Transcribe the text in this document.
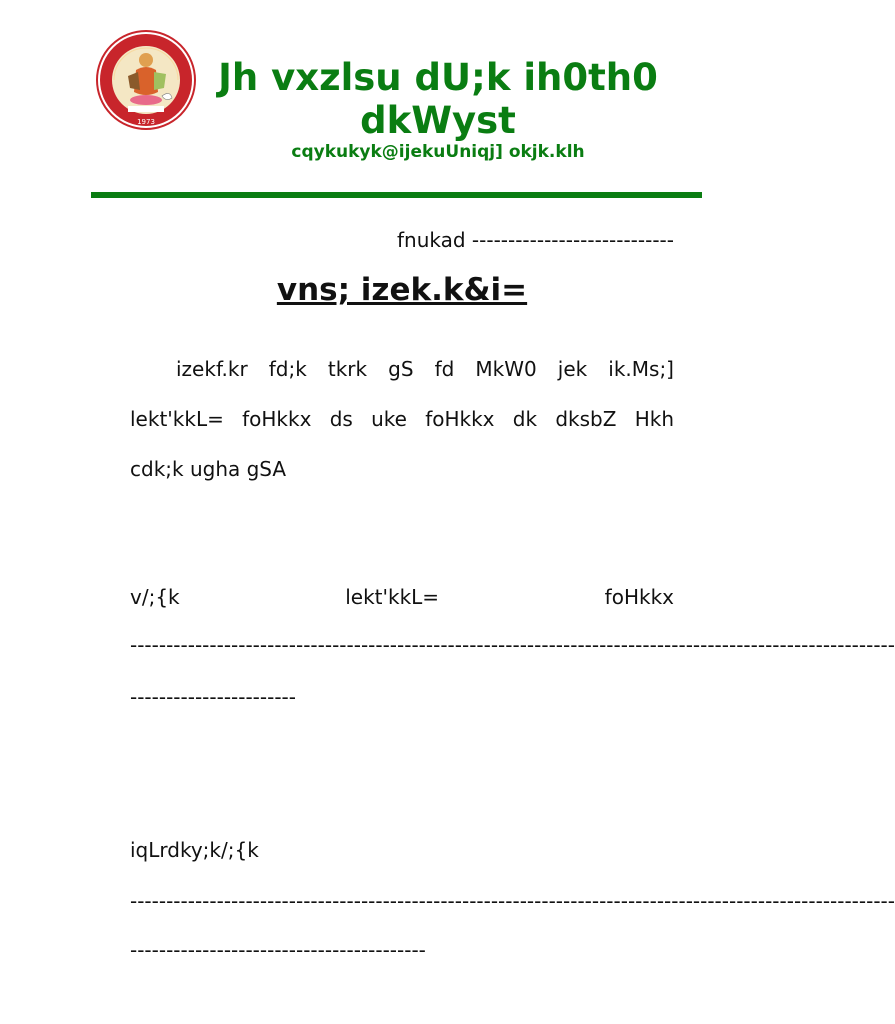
1973
Jh vxzlsu dU;k ih0th0
dkWyst
cqykukyk@ijekuUniqj] okjk.klh
fnukad ----------------------------
vns; izek.k&i=
izekf.kr fd;k tkrk gS fd MkW0 jek ik.Ms;]
lekt'kkL= foHkkx ds uke foHkkx dk dksbZ Hkh
cdk;k ugha gSA
v/;{k	lekt'kkL=	foHkkx
----------------------------------------------------------------------------------------------------------
-----------------------
iqLrdky;k/;{k
----------------------------------------------------------------------------------------------------------
-----------------------------------------
